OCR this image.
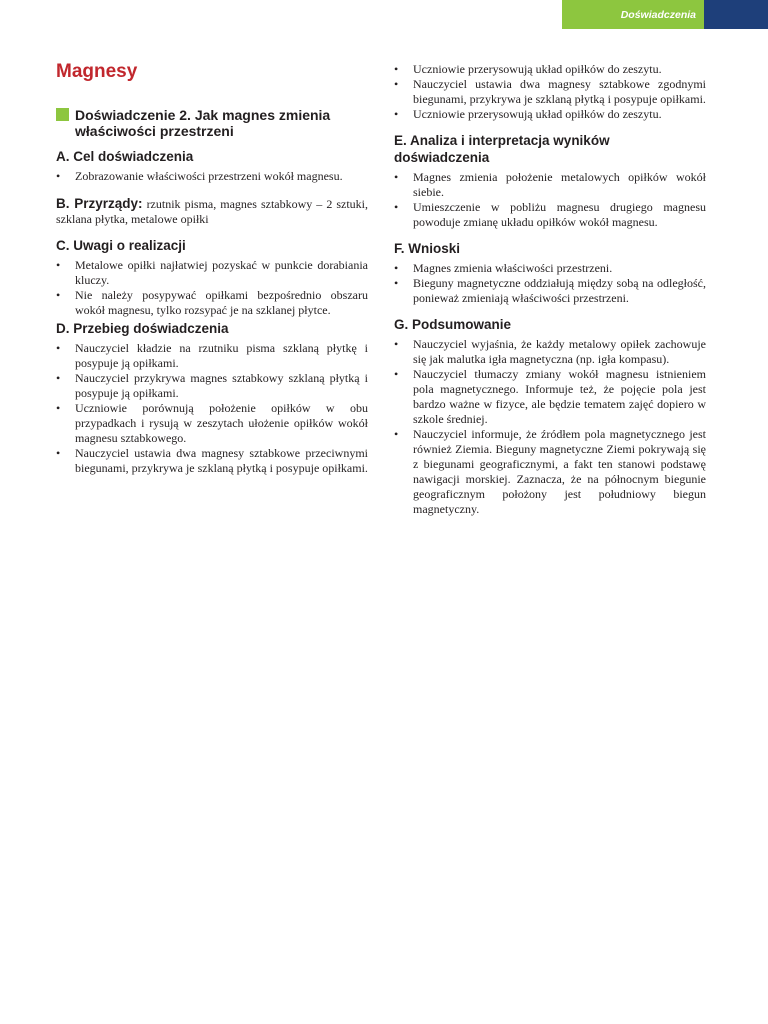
Doświadczenia
Magnesy
Doświadczenie 2. Jak magnes zmienia właściwości przestrzeni
A. Cel doświadczenia
• Zobrazowanie właściwości przestrzeni wokół magnesu.
B. Przyrządy: rzutnik pisma, magnes sztabkowy – 2 sztuki, szklana płytka, metalowe opiłki
C. Uwagi o realizacji
• Metalowe opiłki najłatwiej pozyskać w punkcie dorabiania kluczy.
• Nie należy posypywać opiłkami bezpośrednio obszaru wokół magnesu, tylko rozsypać je na szklanej płytce.
D. Przebieg doświadczenia
• Nauczyciel kładzie na rzutniku pisma szklaną płytkę i posypuje ją opiłkami.
• Nauczyciel przykrywa magnes sztabkowy szklaną płytką i posypuje ją opiłkami.
• Uczniowie porównują położenie opiłków w obu przypadkach i rysują w zeszytach ułożenie opiłków wokół magnesu sztabkowego.
• Nauczyciel ustawia dwa magnesy sztabkowe przeciwnymi biegunami, przykrywa je szklaną płytką i posypuje opiłkami.
• Uczniowie przerysowują układ opiłków do zeszytu.
• Nauczyciel ustawia dwa magnesy sztabkowe zgodnymi biegunami, przykrywa je szklaną płytką i posypuje opiłkami.
• Uczniowie przerysowują układ opiłków do zeszytu.
E. Analiza i interpretacja wyników doświadczenia
• Magnes zmienia położenie metalowych opiłków wokół siebie.
• Umieszczenie w pobliżu magnesu drugiego magnesu powoduje zmianę układu opiłków wokół magnesu.
F. Wnioski
• Magnes zmienia właściwości przestrzeni.
• Bieguny magnetyczne oddziałują między sobą na odległość, ponieważ zmieniają właściwości przestrzeni.
G. Podsumowanie
• Nauczyciel wyjaśnia, że każdy metalowy opiłek zachowuje się jak malutka igła magnetyczna (np. igła kompasu).
• Nauczyciel tłumaczy zmiany wokół magnesu istnieniem pola magnetycznego. Informuje też, że pojęcie pola jest bardzo ważne w fizyce, ale będzie tematem zajęć dopiero w szkole średniej.
• Nauczyciel informuje, że źródłem pola magnetycznego jest również Ziemia. Bieguny magnetyczne Ziemi pokrywają się z biegunami geograficznymi, a fakt ten stanowi podstawę nawigacji morskiej. Zaznacza, że na północnym biegunie geograficznym położony jest południowy biegun magnetyczny.
